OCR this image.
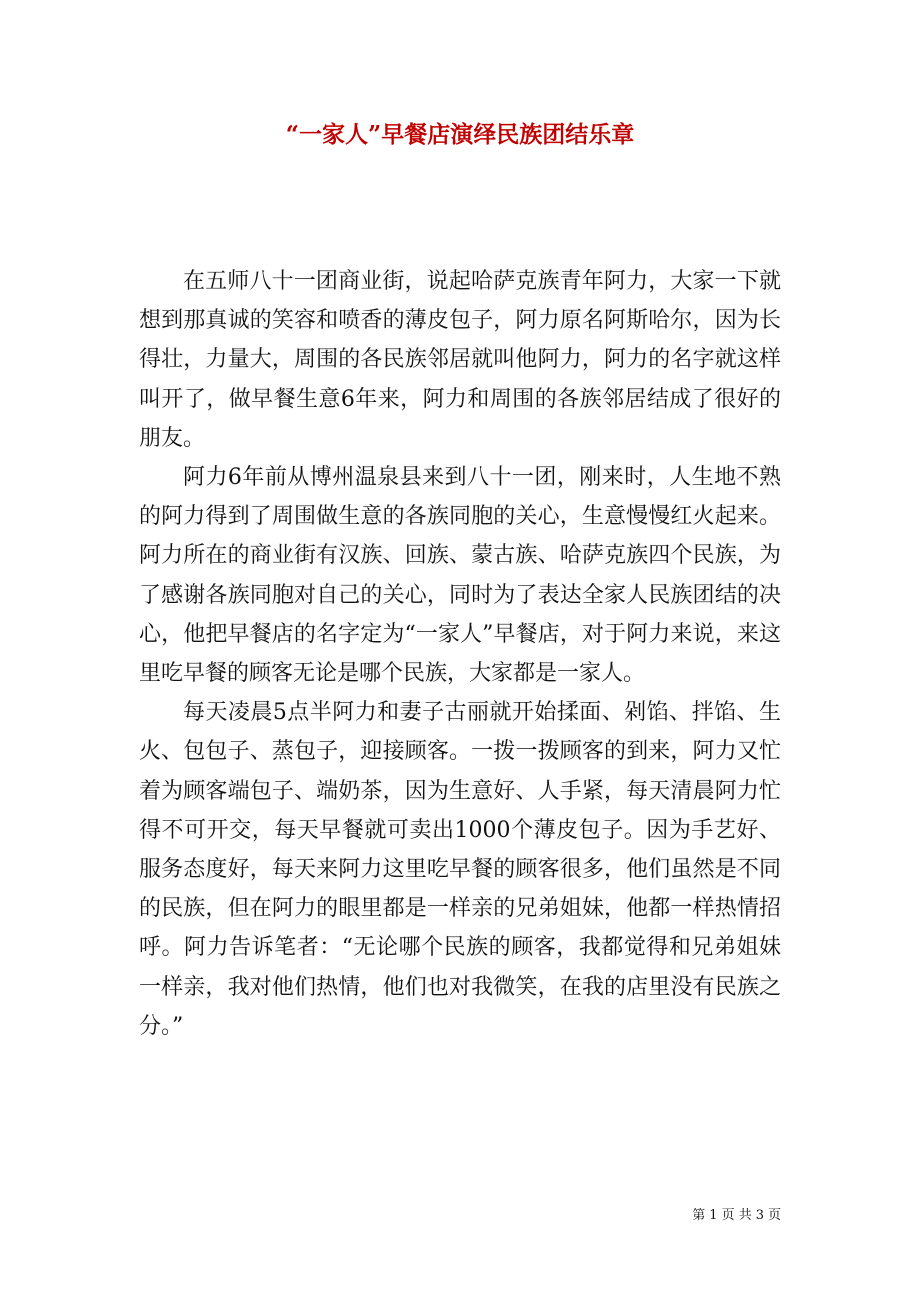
“一家人”早餐店演绎民族团结乐章

在五师八十一团商业街，说起哈萨克族青年阿力，大家一下就想到那真诚的笑容和喷香的薄皮包子，阿力原名阿斯哈尔，因为长得壮，力量大，周围的各民族邻居就叫他阿力，阿力的名字就这样叫开了，做早餐生意6年来，阿力和周围的各族邻居结成了很好的朋友。

阿力6年前从博州温泉县来到八十一团，刚来时，人生地不熟的阿力得到了周围做生意的各族同胞的关心，生意慢慢红火起来。阿力所在的商业街有汉族、回族、蒙古族、哈萨克族四个民族，为了感谢各族同胞对自己的关心，同时为了表达全家人民族团结的决心，他把早餐店的名字定为“一家人”早餐店，对于阿力来说，来这里吃早餐的顾客无论是哪个民族，大家都是一家人。

每天凌晨5点半阿力和妻子古丽就开始揉面、剁馅、拌馅、生火、包包子、蒸包子，迎接顾客。一拨一拨顾客的到来，阿力又忙着为顾客端包子、端奶茶，因为生意好、人手紧，每天清晨阿力忙得不可开交，每天早餐就可卖出1000个薄皮包子。因为手艺好、服务态度好，每天来阿力这里吃早餐的顾客很多，他们虽然是不同的民族，但在阿力的眼里都是一样亲的兄弟姐妹，他都一样热情招呼。阿力告诉笔者：“无论哪个民族的顾客，我都觉得和兄弟姐妹一样亲，我对他们热情，他们也对我微笑，在我的店里没有民族之分。”

第 1 页 共 3 页
